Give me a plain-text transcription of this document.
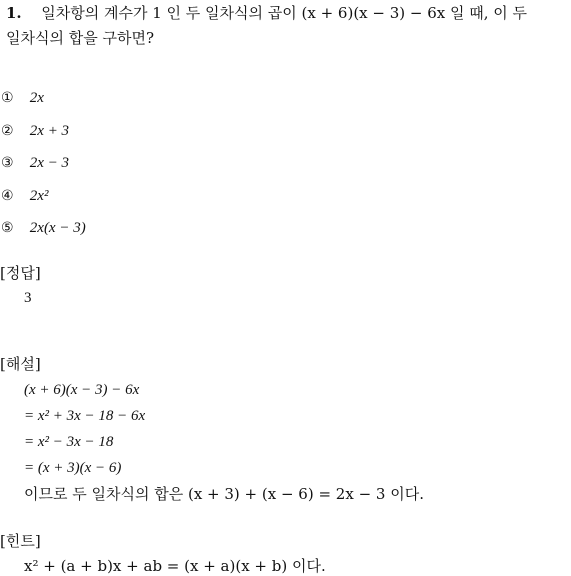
1. 일차항의 계수가 1 인 두 일차식의 곱이 (x + 6)(x − 3) − 6x 일 때, 이 두
일차식의 합을 구하면?
① 2x
② 2x + 3
③ 2x − 3
④ 2x²
⑤ 2x(x − 3)
[정답]
3
[해설]
(x + 6)(x − 3) − 6x
= x² + 3x − 18 − 6x
= x² − 3x − 18
= (x + 3)(x − 6)
이므로 두 일차식의 합은 (x + 3) + (x − 6) = 2x − 3 이다.
[힌트]
x² + (a + b)x + ab = (x + a)(x + b) 이다.
